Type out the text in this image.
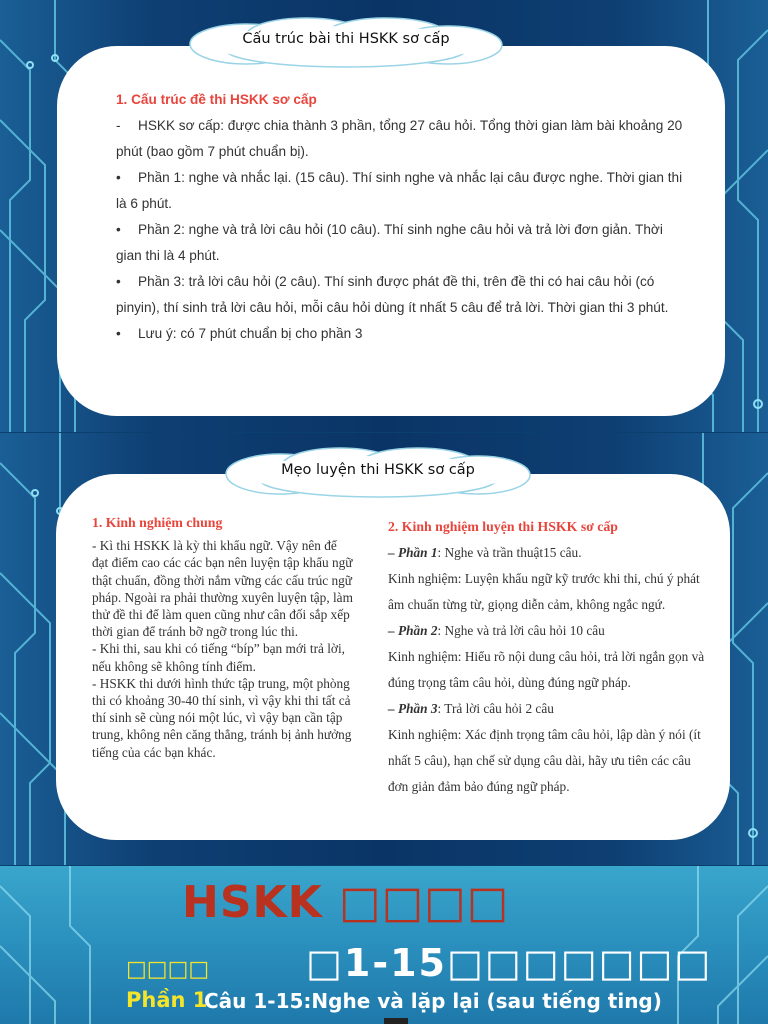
Cấu trúc bài thi HSKK sơ cấp

1. Cấu trúc đề thi HSKK sơ cấp

- HSKK sơ cấp: được chia thành 3 phần, tổng 27 câu hỏi. Tổng thời gian làm bài khoảng 20 phút (bao gồm 7 phút chuẩn bị).

• Phần 1: nghe và nhắc lại. (15 câu). Thí sinh nghe và nhắc lại câu được nghe. Thời gian thi là 6 phút.

• Phần 2: nghe và trả lời câu hỏi (10 câu). Thí sinh nghe câu hỏi và trả lời đơn giản. Thời gian thi là 4 phút.

• Phần 3: trả lời câu hỏi (2 câu). Thí sinh được phát đề thi, trên đề thi có hai câu hỏi (có pinyin), thí sinh trả lời câu hỏi, mỗi câu hỏi dùng ít nhất 5 câu để trả lời. Thời gian thi 3 phút.

• Lưu ý: có 7 phút chuẩn bị cho phần 3

Mẹo luyện thi HSKK sơ cấp

1. Kinh nghiệm chung

- Kì thi HSKK là kỳ thi khẩu ngữ. Vậy nên để đạt điểm cao các các bạn nên luyện tập khẩu ngữ thật chuẩn, đồng thời nắm vững các cấu trúc ngữ pháp. Ngoài ra phải thường xuyên luyện tập, làm thử đề thi để làm quen cũng như cân đối sắp xếp thời gian để tránh bỡ ngỡ trong lúc thi.

- Khi thi, sau khi có tiếng “bíp” bạn mới trả lời, nếu không sẽ không tính điểm.

- HSKK thi dưới hình thức tập trung, một phòng thi có khoảng 30-40 thí sinh, vì vậy khi thi tất cả thí sinh sẽ cùng nói một lúc, vì vậy bạn cần tập trung, không nên căng thẳng, tránh bị ảnh hưởng tiếng của các bạn khác.

2. Kinh nghiệm luyện thi HSKK sơ cấp

– Phần 1: Nghe và trần thuật15 câu.

Kinh nghiệm: Luyện khẩu ngữ kỹ trước khi thi, chú ý phát âm chuẩn từng từ, giọng diễn cảm, không ngắc ngứ.

– Phần 2: Nghe và trả lời câu hỏi 10 câu

Kinh nghiệm: Hiểu rõ nội dung câu hỏi, trả lời ngắn gọn và đúng trọng tâm câu hỏi, dùng đúng ngữ pháp.

– Phần 3: Trả lời câu hỏi 2 câu

Kinh nghiệm: Xác định trọng tâm câu hỏi, lập dàn ý nói (ít nhất 5 câu), hạn chế sử dụng câu dài, hãy ưu tiên các câu đơn giản đảm bảo đúng ngữ pháp.

HSKK □□□□
□1-15□□□□□□□
□□□□
Phần 1
Câu 1-15:Nghe và lặp lại (sau tiếng ting)
